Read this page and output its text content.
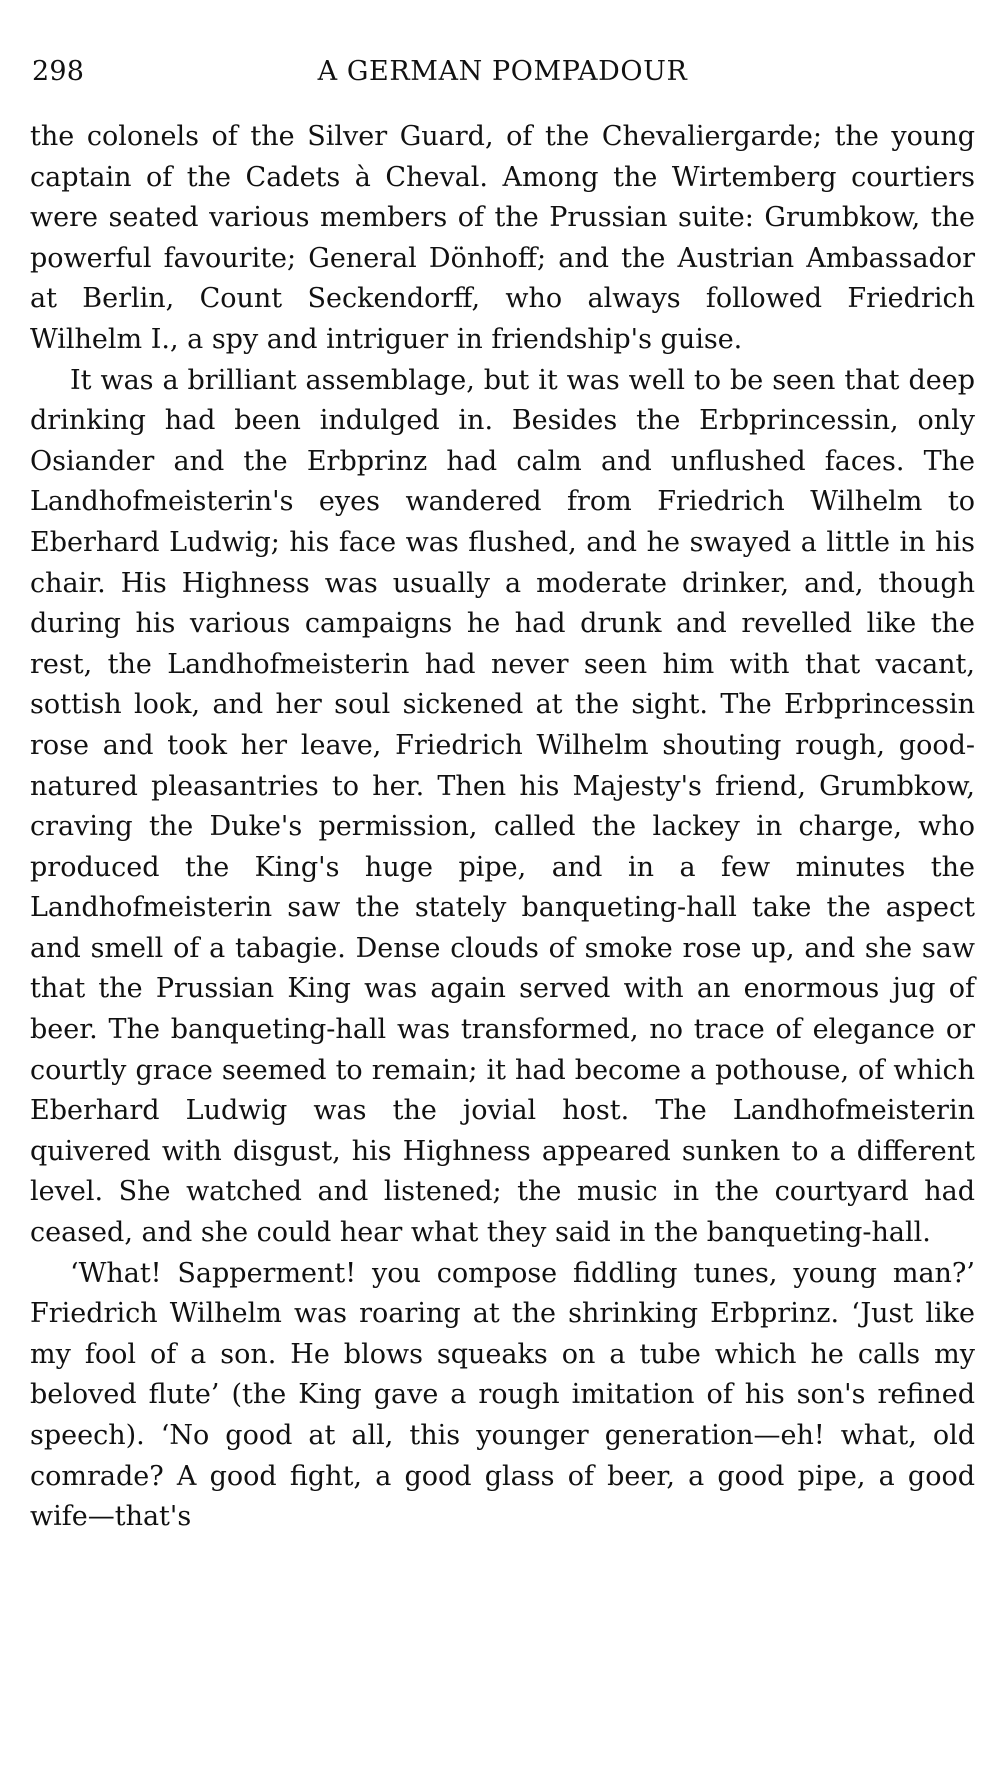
298	A GERMAN POMPADOUR

the colonels of the Silver Guard, of the Chevaliergarde; the young captain of the Cadets à Cheval. Among the Wirtemberg courtiers were seated various members of the Prussian suite: Grumbkow, the powerful favourite; General Dönhoff; and the Austrian Ambassador at Berlin, Count Seckendorff, who always followed Friedrich Wilhelm I., a spy and intriguer in friendship's guise.

It was a brilliant assemblage, but it was well to be seen that deep drinking had been indulged in. Besides the Erbprincessin, only Osiander and the Erbprinz had calm and unflushed faces. The Landhofmeisterin's eyes wandered from Friedrich Wilhelm to Eberhard Ludwig; his face was flushed, and he swayed a little in his chair. His Highness was usually a moderate drinker, and, though during his various campaigns he had drunk and revelled like the rest, the Landhofmeisterin had never seen him with that vacant, sottish look, and her soul sickened at the sight. The Erbprincessin rose and took her leave, Friedrich Wilhelm shouting rough, good-natured pleasantries to her. Then his Majesty's friend, Grumbkow, craving the Duke's permission, called the lackey in charge, who produced the King's huge pipe, and in a few minutes the Landhofmeisterin saw the stately banqueting-hall take the aspect and smell of a tabagie. Dense clouds of smoke rose up, and she saw that the Prussian King was again served with an enormous jug of beer. The banqueting-hall was transformed, no trace of elegance or courtly grace seemed to remain; it had become a pothouse, of which Eberhard Ludwig was the jovial host. The Landhofmeisterin quivered with disgust, his Highness appeared sunken to a different level. She watched and listened; the music in the courtyard had ceased, and she could hear what they said in the banqueting-hall.

‘What! Sapperment! you compose fiddling tunes, young man?’ Friedrich Wilhelm was roaring at the shrinking Erbprinz. ‘Just like my fool of a son. He blows squeaks on a tube which he calls my beloved flute’ (the King gave a rough imitation of his son's refined speech). ‘No good at all, this younger generation—eh! what, old comrade? A good fight, a good glass of beer, a good pipe, a good wife—that's
